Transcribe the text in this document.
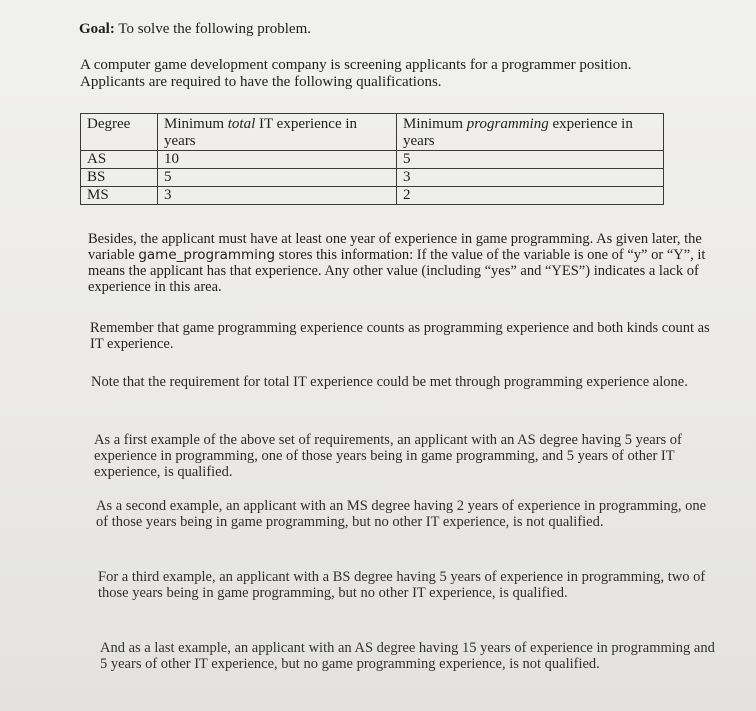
Goal: To solve the following problem.

A computer game development company is screening applicants for a programmer position.

Applicants are required to have the following qualifications.

Degree	Minimum total IT experience in years	Minimum programming experience in years
AS	10	5
BS	5	3
MS	3	2

Besides, the applicant must have at least one year of experience in game programming. As given later, the variable game_programming stores this information: If the value of the variable is one of “y” or “Y”, it means the applicant has that experience. Any other value (including “yes” and “YES”) indicates a lack of experience in this area.

Remember that game programming experience counts as programming experience and both kinds count as IT experience.

Note that the requirement for total IT experience could be met through programming experience alone.

As a first example of the above set of requirements, an applicant with an AS degree having 5 years of experience in programming, one of those years being in game programming, and 5 years of other IT experience, is qualified.

As a second example, an applicant with an MS degree having 2 years of experience in programming, one of those years being in game programming, but no other IT experience, is not qualified.

For a third example, an applicant with a BS degree having 5 years of experience in programming, two of those years being in game programming, but no other IT experience, is qualified.

And as a last example, an applicant with an AS degree having 15 years of experience in programming and 5 years of other IT experience, but no game programming experience, is not qualified.
